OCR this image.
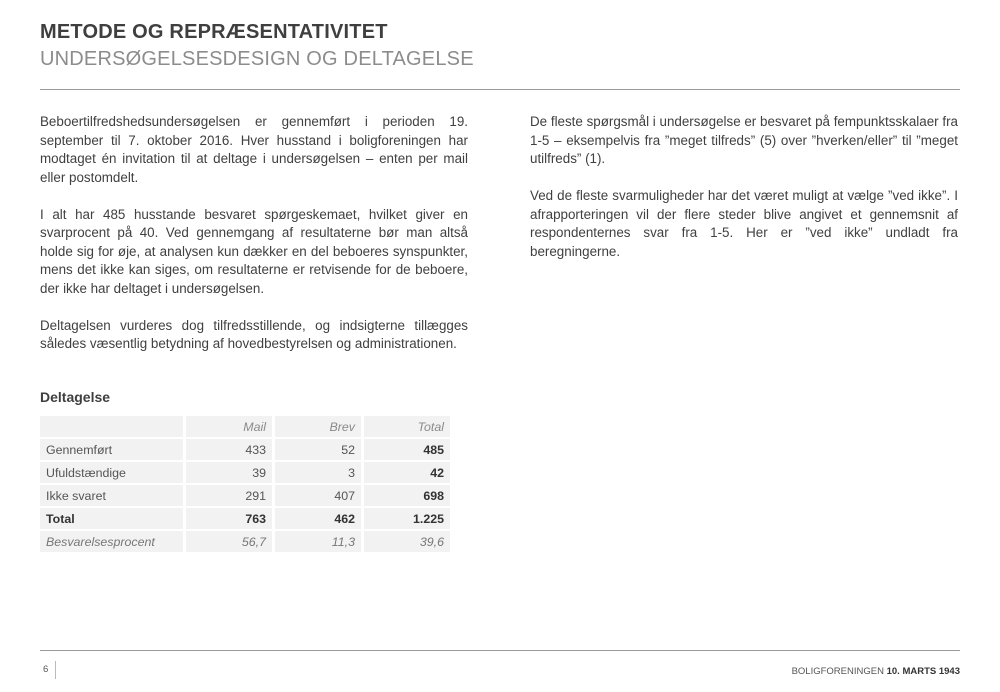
METODE OG REPRÆSENTATIVITET
UNDERSØGELSESDESIGN OG DELTAGELSE

Beboertilfredshedsundersøgelsen er gennemført i perioden 19. september til 7. oktober 2016. Hver husstand i boligforeningen har modtaget én invitation til at deltage i undersøgelsen – enten per mail eller postomdelt.

I alt har 485 husstande besvaret spørgeskemaet, hvilket giver en svarprocent på 40. Ved gennemgang af resultaterne bør man altså holde sig for øje, at analysen kun dækker en del beboeres synspunkter, mens det ikke kan siges, om resultaterne er retvisende for de beboere, der ikke har deltaget i undersøgelsen.

Deltagelsen vurderes dog tilfredsstillende, og indsigterne tillægges således væsentlig betydning af hovedbestyrelsen og administrationen.

De fleste spørgsmål i undersøgelse er besvaret på fempunktsskalaer fra 1-5 – eksempelvis fra ”meget tilfreds” (5) over ”hverken/eller” til ”meget utilfreds” (1).

Ved de fleste svarmuligheder har det været muligt at vælge ”ved ikke”. I afrapporteringen vil der flere steder blive angivet et gennemsnit af respondenternes svar fra 1-5. Her er ”ved ikke” undladt fra beregningerne.

Deltagelse
	Mail	Brev	Total
Gennemført	433	52	485
Ufuldstændige	39	3	42
Ikke svaret	291	407	698
Total	763	462	1.225
Besvarelsesprocent	56,7	11,3	39,6
6	BOLIGFORENINGEN 10. MARTS 1943
